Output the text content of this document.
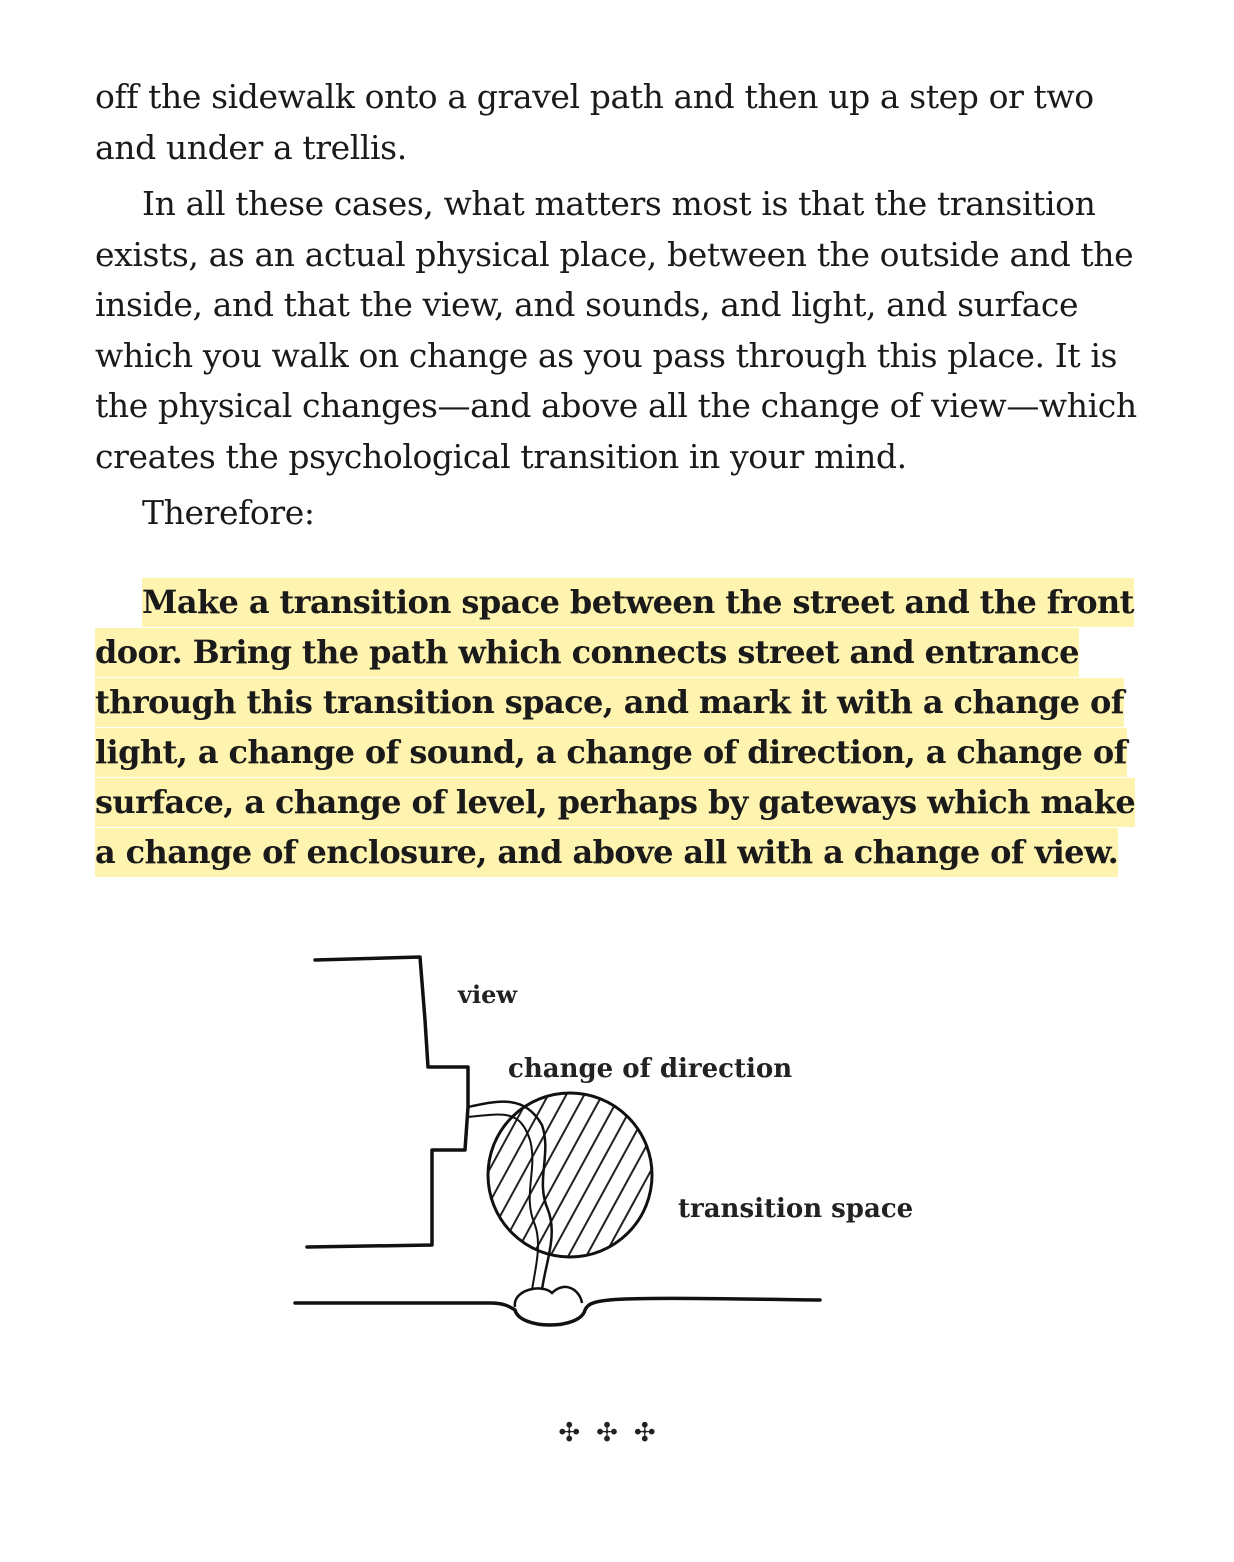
off the sidewalk onto a gravel path and then up a step or two and under a trellis.

In all these cases, what matters most is that the transition exists, as an actual physical place, between the outside and the inside, and that the view, and sounds, and light, and surface which you walk on change as you pass through this place. It is the physical changes—and above all the change of view—which creates the psychological transition in your mind.

Therefore:

Make a transition space between the street and the front door. Bring the path which connects street and entrance through this transition space, and mark it with a change of light, a change of sound, a change of direction, a change of surface, a change of level, perhaps by gateways which make a change of enclosure, and above all with a change of view.

view
change of direction
transition space
✣✣✣
